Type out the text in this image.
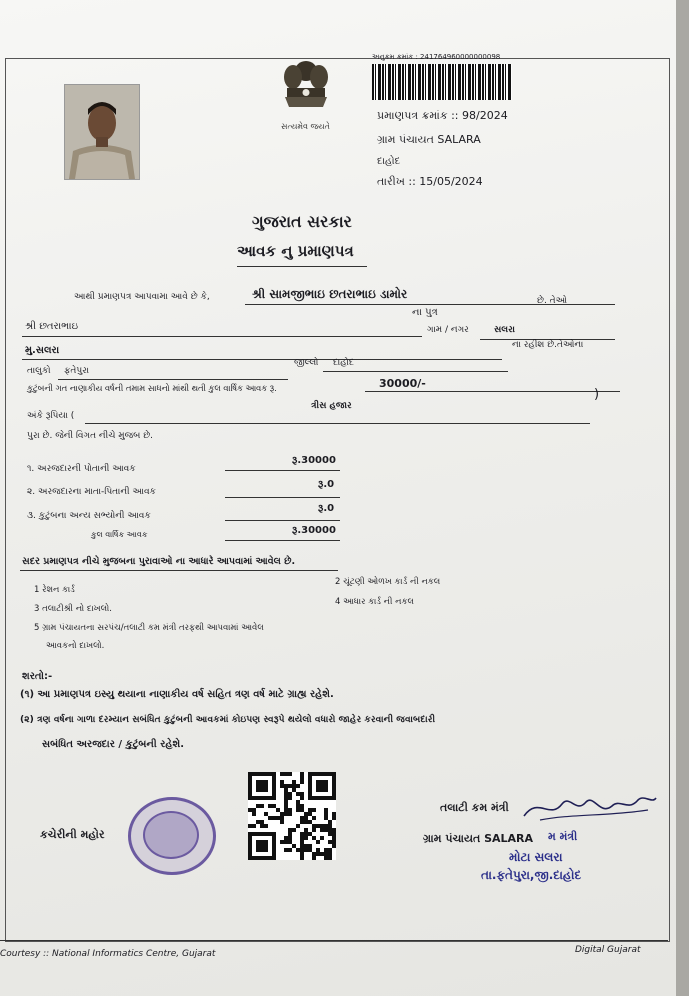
સત્યમેવ જયતે
અનુક્રમ ક્રમાંક : 241764960000000098
પ્રમાણપત્ર ક્રમાંક :: 98/2024
ગ્રામ પંચાયત SALARA
દાહોદ
તારીખ :: 15/05/2024
ગુજરાત સરકાર
આવક નુ પ્રમાણપત્ર
આથી પ્રમાણપત્ર આપવામા આવે છે કે,	શ્રી સામજીભાઇ છતરાભાઇ ડામોર
ના પુત્ર
છે. તેઓ
શ્રી છતરાભાઇ	ગામ / નગર	સલરા
મુ.સલરા	ના રહીશ છે.તેઓના
તાલુકો ફતેપુરા
જીલ્લો દાહોદ
કુટુંબની ગત નાણાકીય વર્ષની તમામ સાધનો માંથી થતી કુલ વાર્ષિક આવક રૂ.	30000/-
અંકે રૂપિયા (
ત્રીસ હજાર
)
પુરા છે. જેની વિગત નીચે મુજબ છે.
૧. અરજદારની પોતાની આવક
રૂ.30000
૨. અરજદારના માતા-પિતાની આવક
રૂ.0
૩. કુટુંબના અન્ય સભ્યોની આવક
રૂ.0
કુલ વાર્ષિક આવક	રૂ.30000
સદર પ્રમાણપત્ર નીચે મુજબના પુરાવાઓ ના આધારે આપવામાં આવેલ છે.
1 રેશન કાર્ડ
2 ચૂંટણી ઓળખ કાર્ડ ની નકલ
3 તલાટીશ્રી નો દાખલો.
4 આધાર કાર્ડ ની નકલ
5 ગ્રામ પંચાયતના સરપંચ/તલાટી કમ મંત્રી તરફથી આપવામાં આવેલ
આવકનો દાખલો.
શરતો:-
(૧) આ પ્રમાણપત્ર ઇસ્યુ થયાના નાણાકીય વર્ષ સહિત ત્રણ વર્ષ માટે ગ્રાહ્ય રહેશે.
(૨) ત્રણ વર્ષના ગાળા દરમ્યાન સબંધિત કુટુંબની આવકમાં કોઇપણ સ્વરૂપે થયેલો વધારો જાહેર કરવાની જવાબદારી
સબંધિત અરજદાર / કુટુંબની રહેશે.
કચેરીની મહોર
તલાટી કમ મંત્રી
ગ્રામ પંચાયત SALARA મ મંત્રી
મોટા સલરા
તા.ફતેપુરા,જી.દાહોદ
Courtesy :: National Informatics Centre, Gujarat	Digital Gujarat
